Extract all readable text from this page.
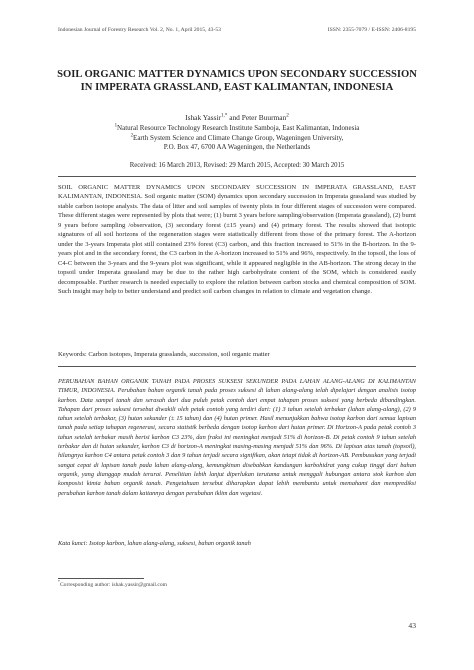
Indonesian Journal of Forestry Research Vol. 2, No. 1, April 2015, 43-53	ISSN: 2355-7079 / E-ISSN: 2406-8195
SOIL ORGANIC MATTER DYNAMICS UPON SECONDARY SUCCESSION IN IMPERATA GRASSLAND, EAST KALIMANTAN, INDONESIA
Ishak Yassir$^{1,*}$ and Peter Buurman$^2$
$^1$Natural Resource Technology Research Institute Samboja, East Kalimantan, Indonesia
$^2$Earth System Science and Climate Change Group, Wageningen University,
P.O. Box 47, 6700 AA Wageningen, the Netherlands
Received: 16 March 2013, Revised: 29 March 2015, Accepted: 30 March 2015
SOIL ORGANIC MATTER DYNAMICS UPON SECONDARY SUCCESSION IN IMPERATA GRASSLAND, EAST KALIMANTAN, INDONESIA. Soil organic matter (SOM) dynamics upon secondary succession in Imperata grassland was studied by stable carbon isotope analysis. The data of litter and soil samples of twenty plots in four different stages of succession were compared. These different stages were represented by plots that were; (1) burnt 3 years before sampling/observation (Imperata grassland), (2) burnt 9 years before sampling /observation, (3) secondary forest (±15 years) and (4) primary forest. The results showed that isotopic signatures of all soil horizons of the regeneration stages were statistically different from those of the primary forest. The A-horizon under the 3-years Imperata plot still contained 23% forest (C3) carbon, and this fraction increased to 51% in the B-horizon. In the 9-years plot and in the secondary forest, the C3 carbon in the A-horizon increased to 51% and 96%, respectively. In the topsoil, the loss of C4-C between the 3-years and the 9-years plot was significant, while it appeared negligible in the AB-horizon. The strong decay in the topsoil under Imperata grassland may be due to the rather high carbohydrate content of the SOM, which is considered easily decomposable. Further research is needed especially to explore the relation between carbon stocks and chemical composition of SOM. Such insight may help to better understand and predict soil carbon changes in relation to climate and vegetation change.
Keywords: Carbon isotopes, Imperata grasslands, succession, soil organic matter
PERUBAHAN BAHAN ORGANIK TANAH PADA PROSES SUKSESI SEKUNDER PADA LAHAN ALANG-ALANG DI KALIMANTAN TIMUR, INDONESIA. Perubahan bahan organik tanah pada proses suksesi di lahan alang-alang telah dipelajari dengan analisis isotop karbon. Data sampel tanah dan serasah dari dua puluh petak contoh dari empat tahapan proses suksesi yang berbeda dibandingkan. Tahapan dari proses suksesi tersebut diwakili oleh petak contoh yang terdiri dari: (1) 3 tahun setelah terbakar (lahan alang-alang), (2) 9 tahun setelah terbakar, (3) hutan sekunder (± 15 tahun) dan (4) hutan primer. Hasil menunjukkan bahwa isotop karbon dari semua lapisan tanah pada setiap tahapan regenerasi, secara statistik berbeda dengan isotop karbon dari hutan primer. Di Horizon-A pada petak contoh 3 tahun setelah terbakar masih berisi karbon C3 23%, dan fraksi ini meningkat menjadi 51% di horizon-B. Di petak contoh 9 tahun setelah terbakar dan di hutan sekunder, karbon C3 di horizon-A meningkat masing-masing menjadi 51% dan 96%. Di lapisan atas tanah (topsoil), hilangnya karbon C4 antara petak contoh 3 dan 9 tahun terjadi secara signifikan, akan tetapi tidak di horizon-AB. Pembusukan yang terjadi sangat cepat di lapisan tanah pada lahan alang-alang, kemungkinan disebabkan kandungan karbohidrat yang cukup tinggi dari bahan organik, yang dianggap mudah terurai. Penelitian lebih lanjut diperlukan terutama untuk menggali hubungan antara stok karbon dan komposisi kimia bahan organik tanah. Pengetahuan tersebut diharapkan dapat lebih membantu untuk memahami dan memprediksi perubahan karbon tanah dalam kaitannya dengan perubahan iklim dan vegetasi.
Kata kunci: Isotop karbon, lahan alang-alang, suksesi, bahan organik tanah
*Corresponding author: ishak.yassir@gmail.com
43
